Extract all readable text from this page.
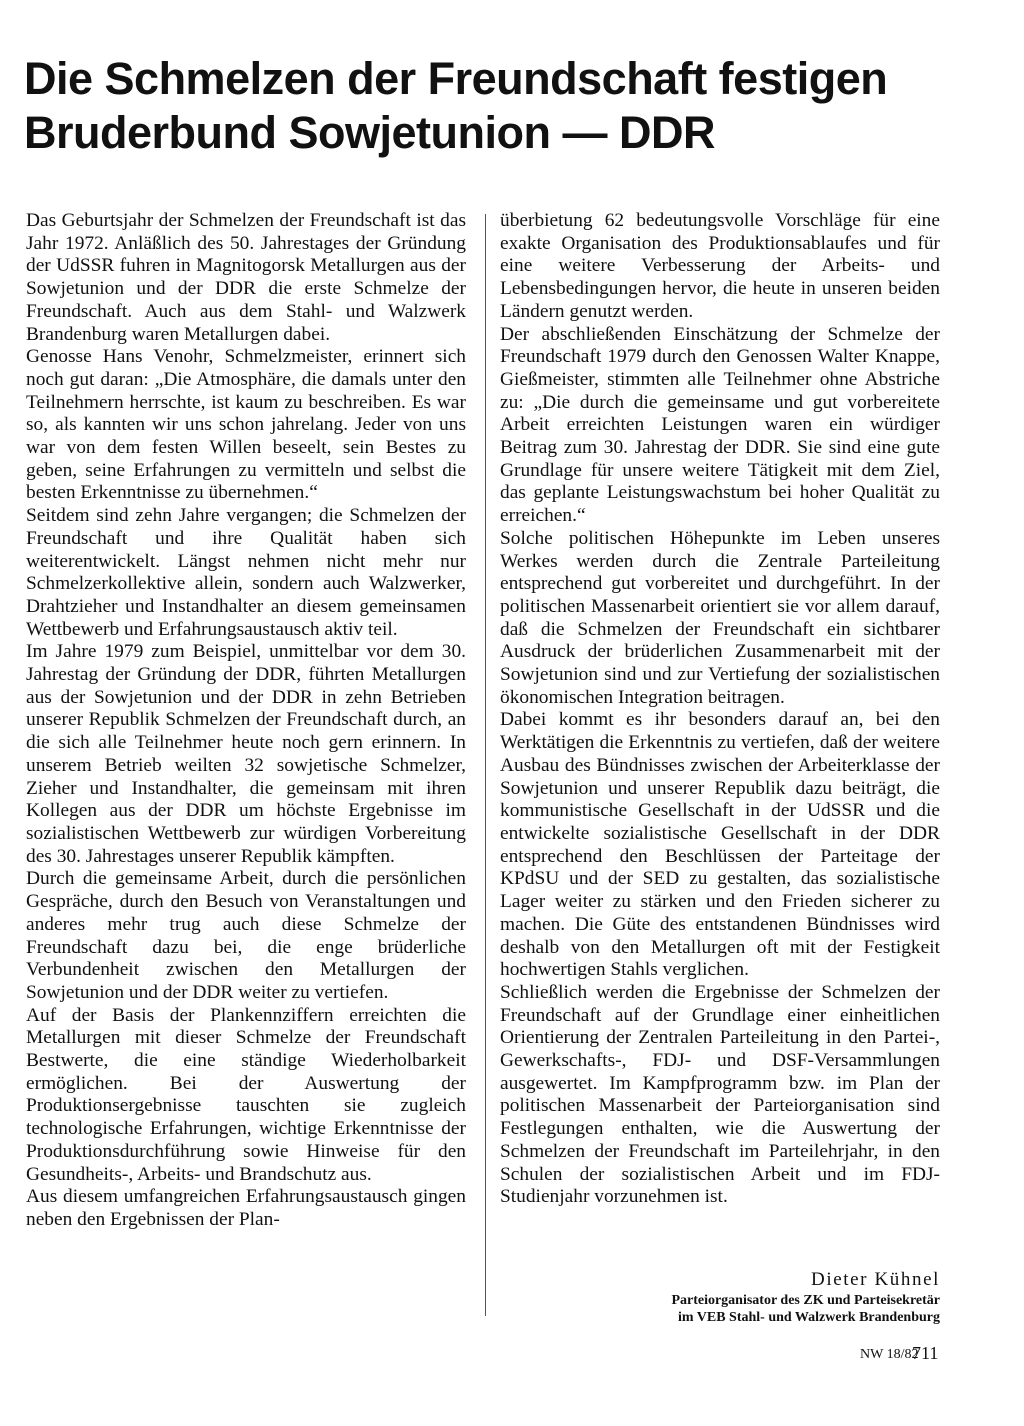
Die Schmelzen der Freundschaft festigen
Bruderbund Sowjetunion — DDR

Das Geburtsjahr der Schmelzen der Freundschaft ist das Jahr 1972. Anläßlich des 50. Jahrestages der Gründung der UdSSR fuhren in Magnitogorsk Metallurgen aus der Sowjetunion und der DDR die erste Schmelze der Freundschaft. Auch aus dem Stahl- und Walzwerk Brandenburg waren Metallurgen dabei.

Genosse Hans Venohr, Schmelzmeister, erinnert sich noch gut daran: „Die Atmosphäre, die damals unter den Teilnehmern herrschte, ist kaum zu beschreiben. Es war so, als kannten wir uns schon jahrelang. Jeder von uns war von dem festen Willen beseelt, sein Bestes zu geben, seine Erfahrungen zu vermitteln und selbst die besten Erkenntnisse zu übernehmen.“

Seitdem sind zehn Jahre vergangen; die Schmelzen der Freundschaft und ihre Qualität haben sich weiterentwickelt. Längst nehmen nicht mehr nur Schmelzerkollektive allein, sondern auch Walzwerker, Drahtzieher und Instandhalter an diesem gemeinsamen Wettbewerb und Erfahrungsaustausch aktiv teil.

Im Jahre 1979 zum Beispiel, unmittelbar vor dem 30. Jahrestag der Gründung der DDR, führten Metallurgen aus der Sowjetunion und der DDR in zehn Betrieben unserer Republik Schmelzen der Freundschaft durch, an die sich alle Teilnehmer heute noch gern erinnern. In unserem Betrieb weilten 32 sowjetische Schmelzer, Zieher und Instandhalter, die gemeinsam mit ihren Kollegen aus der DDR um höchste Ergebnisse im sozialistischen Wettbewerb zur würdigen Vorbereitung des 30. Jahrestages unserer Republik kämpften.

Durch die gemeinsame Arbeit, durch die persönlichen Gespräche, durch den Besuch von Veranstaltungen und anderes mehr trug auch diese Schmelze der Freundschaft dazu bei, die enge brüderliche Verbundenheit zwischen den Metallurgen der Sowjetunion und der DDR weiter zu vertiefen.

Auf der Basis der Plankennziffern erreichten die Metallurgen mit dieser Schmelze der Freundschaft Bestwerte, die eine ständige Wiederholbarkeit ermöglichen. Bei der Auswertung der Produktionsergebnisse tauschten sie zugleich technologische Erfahrungen, wichtige Erkenntnisse der Produktionsdurchführung sowie Hinweise für den Gesundheits-, Arbeits- und Brandschutz aus.

Aus diesem umfangreichen Erfahrungsaustausch gingen neben den Ergebnissen der Plan-

überbietung 62 bedeutungsvolle Vorschläge für eine exakte Organisation des Produktionsablaufes und für eine weitere Verbesserung der Arbeits- und Lebensbedingungen hervor, die heute in unseren beiden Ländern genutzt werden.

Der abschließenden Einschätzung der Schmelze der Freundschaft 1979 durch den Genossen Walter Knappe, Gießmeister, stimmten alle Teilnehmer ohne Abstriche zu: „Die durch die gemeinsame und gut vorbereitete Arbeit erreichten Leistungen waren ein würdiger Beitrag zum 30. Jahrestag der DDR. Sie sind eine gute Grundlage für unsere weitere Tätigkeit mit dem Ziel, das geplante Leistungswachstum bei hoher Qualität zu erreichen.“

Solche politischen Höhepunkte im Leben unseres Werkes werden durch die Zentrale Parteileitung entsprechend gut vorbereitet und durchgeführt. In der politischen Massenarbeit orientiert sie vor allem darauf, daß die Schmelzen der Freundschaft ein sichtbarer Ausdruck der brüderlichen Zusammenarbeit mit der Sowjetunion sind und zur Vertiefung der sozialistischen ökonomischen Integration beitragen.

Dabei kommt es ihr besonders darauf an, bei den Werktätigen die Erkenntnis zu vertiefen, daß der weitere Ausbau des Bündnisses zwischen der Arbeiterklasse der Sowjetunion und unserer Republik dazu beiträgt, die kommunistische Gesellschaft in der UdSSR und die entwickelte sozialistische Gesellschaft in der DDR entsprechend den Beschlüssen der Parteitage der KPdSU und der SED zu gestalten, das sozialistische Lager weiter zu stärken und den Frieden sicherer zu machen. Die Güte des entstandenen Bündnisses wird deshalb von den Metallurgen oft mit der Festigkeit hochwertigen Stahls verglichen.

Schließlich werden die Ergebnisse der Schmelzen der Freundschaft auf der Grundlage einer einheitlichen Orientierung der Zentralen Parteileitung in den Partei-, Gewerkschafts-, FDJ- und DSF-Versammlungen ausgewertet. Im Kampfprogramm bzw. im Plan der politischen Massenarbeit der Parteiorganisation sind Festlegungen enthalten, wie die Auswertung der Schmelzen der Freundschaft im Parteilehrjahr, in den Schulen der sozialistischen Arbeit und im FDJ-Studienjahr vorzunehmen ist.

Dieter Kühnel
Parteiorganisator des ZK und Parteisekretär
im VEB Stahl- und Walzwerk Brandenburg
NW 18/82
711
